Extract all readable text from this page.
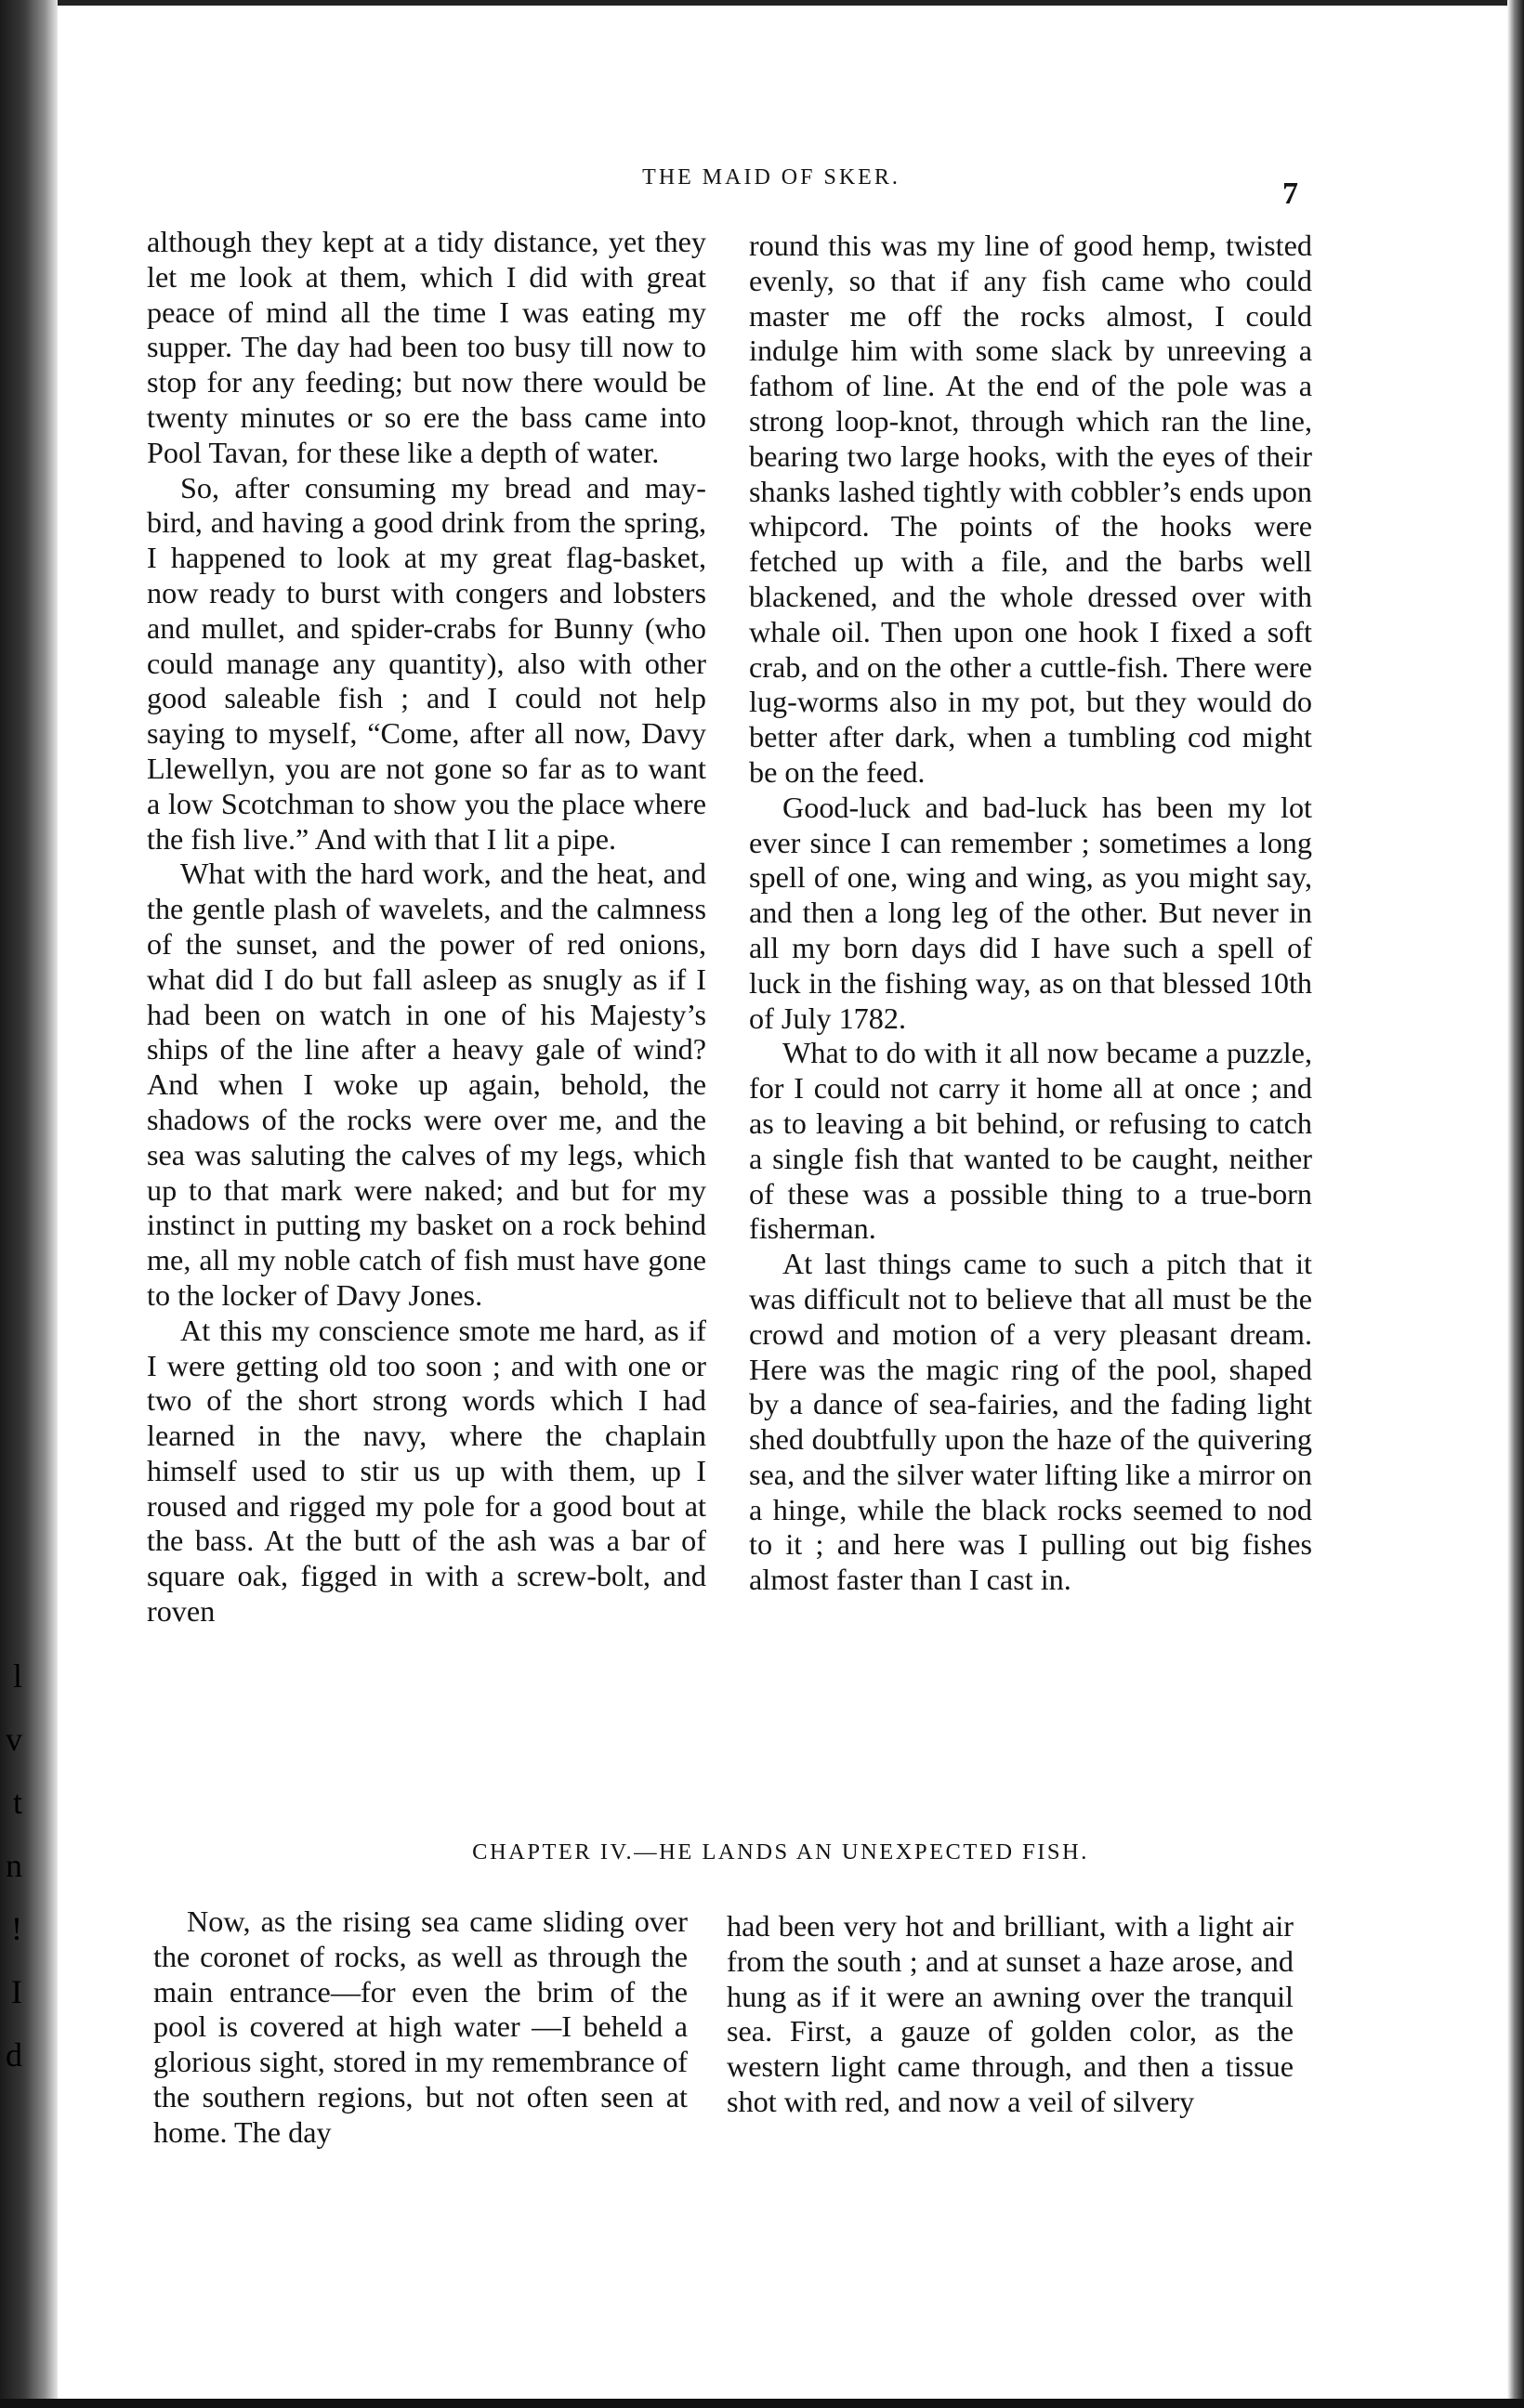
l
v
t
n
!
I
d
THE MAID OF SKER.	7

although they kept at a tidy distance, yet they let me look at them, which I did with great peace of mind all the time I was eating my supper. The day had been too busy till now to stop for any feeding; but now there would be twenty minutes or so ere the bass came into Pool Tavan, for these like a depth of water.

So, after consuming my bread and may-bird, and having a good drink from the spring, I happened to look at my great flag-basket, now ready to burst with congers and lobsters and mullet, and spider-crabs for Bunny (who could manage any quantity), also with other good saleable fish ; and I could not help saying to myself, “Come, after all now, Davy Llewellyn, you are not gone so far as to want a low Scotchman to show you the place where the fish live.” And with that I lit a pipe.

What with the hard work, and the heat, and the gentle plash of wavelets, and the calmness of the sunset, and the power of red onions, what did I do but fall asleep as snugly as if I had been on watch in one of his Majesty’s ships of the line after a heavy gale of wind? And when I woke up again, behold, the shadows of the rocks were over me, and the sea was saluting the calves of my legs, which up to that mark were naked; and but for my instinct in putting my basket on a rock behind me, all my noble catch of fish must have gone to the locker of Davy Jones.

At this my conscience smote me hard, as if I were getting old too soon ; and with one or two of the short strong words which I had learned in the navy, where the chaplain himself used to stir us up with them, up I roused and rigged my pole for a good bout at the bass. At the butt of the ash was a bar of square oak, figged in with a screw-bolt, and roven

round this was my line of good hemp, twisted evenly, so that if any fish came who could master me off the rocks almost, I could indulge him with some slack by unreeving a fathom of line. At the end of the pole was a strong loop-knot, through which ran the line, bearing two large hooks, with the eyes of their shanks lashed tightly with cobbler’s ends upon whipcord. The points of the hooks were fetched up with a file, and the barbs well blackened, and the whole dressed over with whale oil. Then upon one hook I fixed a soft crab, and on the other a cuttle-fish. There were lug-worms also in my pot, but they would do better after dark, when a tumbling cod might be on the feed.

Good-luck and bad-luck has been my lot ever since I can remember ; sometimes a long spell of one, wing and wing, as you might say, and then a long leg of the other. But never in all my born days did I have such a spell of luck in the fishing way, as on that blessed 10th of July 1782.

What to do with it all now became a puzzle, for I could not carry it home all at once ; and as to leaving a bit behind, or refusing to catch a single fish that wanted to be caught, neither of these was a possible thing to a true-born fisherman.

At last things came to such a pitch that it was difficult not to believe that all must be the crowd and motion of a very pleasant dream. Here was the magic ring of the pool, shaped by a dance of sea-fairies, and the fading light shed doubtfully upon the haze of the quivering sea, and the silver water lifting like a mirror on a hinge, while the black rocks seemed to nod to it ; and here was I pulling out big fishes almost faster than I cast in.

CHAPTER IV.—HE LANDS AN UNEXPECTED FISH.

Now, as the rising sea came sliding over the coronet of rocks, as well as through the main entrance—for even the brim of the pool is covered at high water —I beheld a glorious sight, stored in my remembrance of the southern regions, but not often seen at home. The day

had been very hot and brilliant, with a light air from the south ; and at sunset a haze arose, and hung as if it were an awning over the tranquil sea. First, a gauze of golden color, as the western light came through, and then a tissue shot with red, and now a veil of silvery
